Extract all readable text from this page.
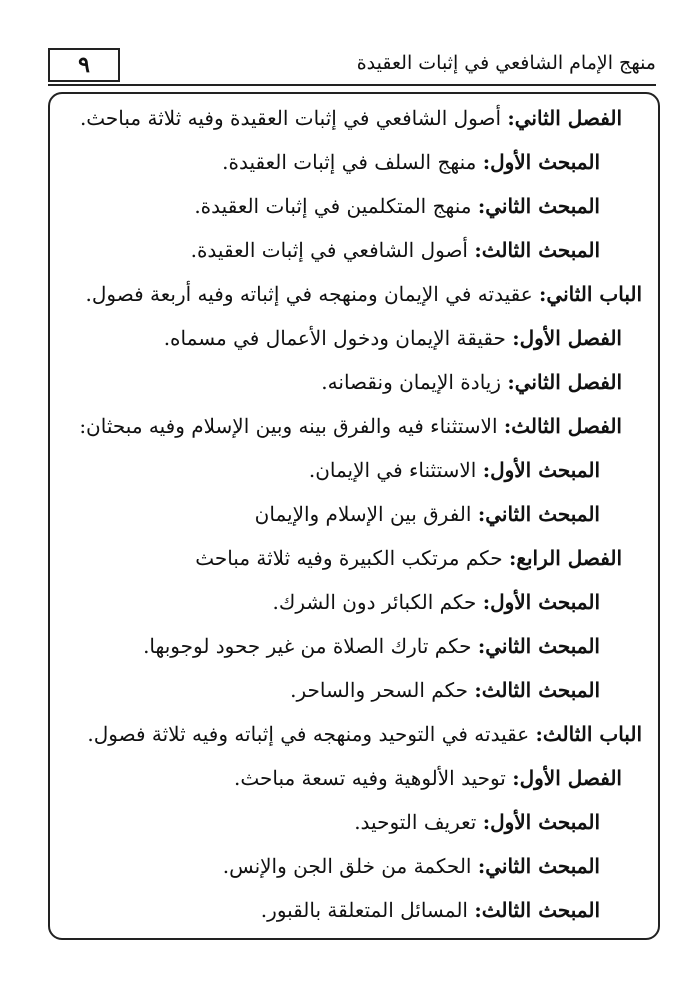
٩	منهج الإمام الشافعي في إثبات العقيدة
الفصل الثاني: أصول الشافعي في إثبات العقيدة وفيه ثلاثة مباحث.
المبحث الأول: منهج السلف في إثبات العقيدة.
المبحث الثاني: منهج المتكلمين في إثبات العقيدة.
المبحث الثالث: أصول الشافعي في إثبات العقيدة.
الباب الثاني: عقيدته في الإيمان ومنهجه في إثباته وفيه أربعة فصول.
الفصل الأول: حقيقة الإيمان ودخول الأعمال في مسماه.
الفصل الثاني: زيادة الإيمان ونقصانه.
الفصل الثالث: الاستثناء فيه والفرق بينه وبين الإسلام وفيه مبحثان:
المبحث الأول: الاستثناء في الإيمان.
المبحث الثاني: الفرق بين الإسلام والإيمان
الفصل الرابع: حكم مرتكب الكبيرة وفيه ثلاثة مباحث
المبحث الأول: حكم الكبائر دون الشرك.
المبحث الثاني: حكم تارك الصلاة من غير جحود لوجوبها.
المبحث الثالث: حكم السحر والساحر.
الباب الثالث: عقيدته في التوحيد ومنهجه في إثباته وفيه ثلاثة فصول.
الفصل الأول: توحيد الألوهية وفيه تسعة مباحث.
المبحث الأول: تعريف التوحيد.
المبحث الثاني: الحكمة من خلق الجن والإنس.
المبحث الثالث: المسائل المتعلقة بالقبور.
